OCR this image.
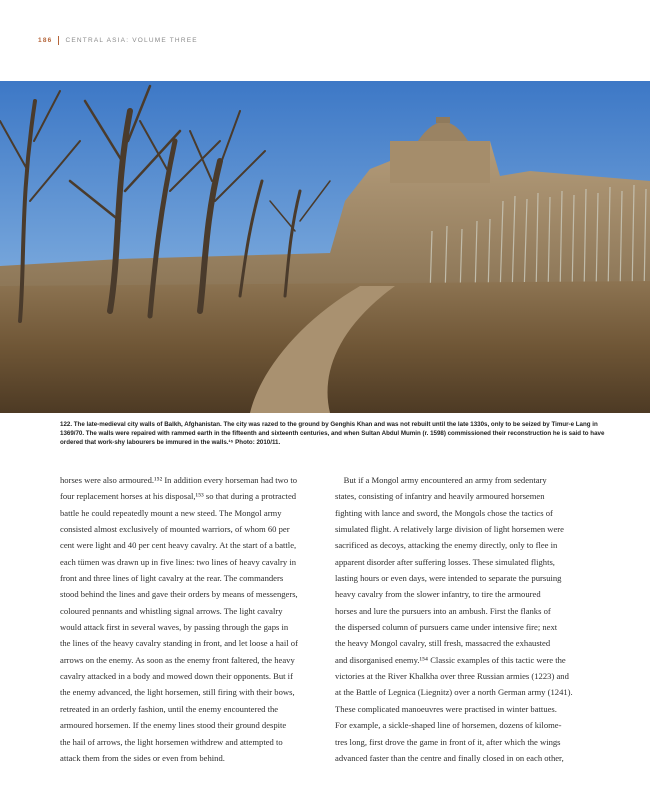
186 CENTRAL ASIA: VOLUME THREE

122. The late-medieval city walls of Balkh, Afghanistan. The city was razed to the ground by Genghis Khan and was not rebuilt until the late 1330s, only to be seized by Timur-e Lang in 1369/70. The walls were repaired with rammed earth in the fifteenth and sixteenth centuries, and when Sultan Abdul Mumin (r. 1598) commissioned their reconstruction he is said to have ordered that work-shy labourers be immured in the walls.¹⁵ Photo: 2010/11.

horses were also armoured.¹⁵² In addition every horseman had two to
four replacement horses at his disposal,¹⁵³ so that during a protracted
battle he could repeatedly mount a new steed. The Mongol army
consisted almost exclusively of mounted warriors, of whom 60 per
cent were light and 40 per cent heavy cavalry. At the start of a battle,
each tümen was drawn up in five lines: two lines of heavy cavalry in
front and three lines of light cavalry at the rear. The commanders
stood behind the lines and gave their orders by means of messengers,
coloured pennants and whistling signal arrows. The light cavalry
would attack first in several waves, by passing through the gaps in
the lines of the heavy cavalry standing in front, and let loose a hail of
arrows on the enemy. As soon as the enemy front faltered, the heavy
cavalry attacked in a body and mowed down their opponents. But if
the enemy advanced, the light horsemen, still firing with their bows,
retreated in an orderly fashion, until the enemy encountered the
armoured horsemen. If the enemy lines stood their ground despite
the hail of arrows, the light horsemen withdrew and attempted to
attack them from the sides or even from behind.
But if a Mongol army encountered an army from sedentary
states, consisting of infantry and heavily armoured horsemen
fighting with lance and sword, the Mongols chose the tactics of
simulated flight. A relatively large division of light horsemen were
sacrificed as decoys, attacking the enemy directly, only to flee in
apparent disorder after suffering losses. These simulated flights,
lasting hours or even days, were intended to separate the pursuing
heavy cavalry from the slower infantry, to tire the armoured
horses and lure the pursuers into an ambush. First the flanks of
the dispersed column of pursuers came under intensive fire; next
the heavy Mongol cavalry, still fresh, massacred the exhausted
and disorganised enemy.¹⁵⁴ Classic examples of this tactic were the
victories at the River Khalkha over three Russian armies (1223) and
at the Battle of Legnica (Liegnitz) over a north German army (1241).
These complicated manoeuvres were practised in winter battues.
For example, a sickle-shaped line of horsemen, dozens of kilome-
tres long, first drove the game in front of it, after which the wings
advanced faster than the centre and finally closed in on each other,
